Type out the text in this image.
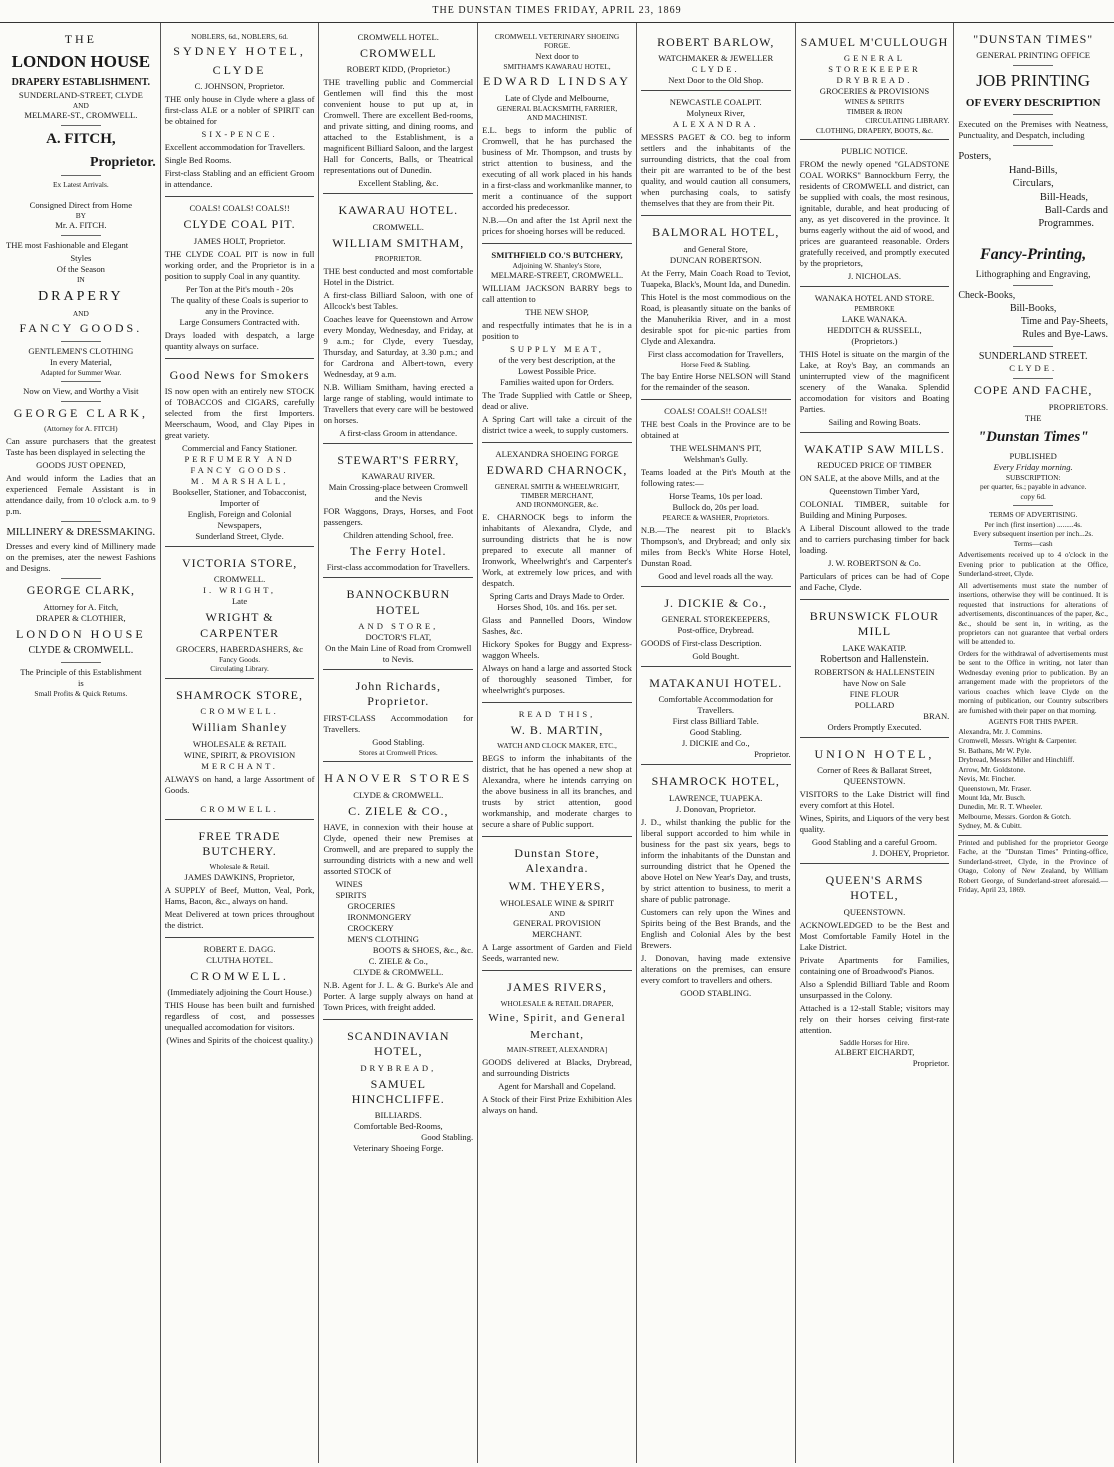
THE DUNSTAN TIMES FRIDAY, APRIL 23, 1869
THE
LONDON HOUSE
DRAPERY ESTABLISHMENT.
SUNDERLAND-STREET, CLYDE
AND
MELMARE-ST., CROMWELL.
A. FITCH,
Proprietor.
Ex Latest Arrivals.
Consigned Direct from Home
BY
Mr. A. FITCH.

THE most Fashionable and Elegant

Styles
Of the Season
IN
DRAPERY
AND
FANCY GOODS.
GENTLEMEN'S CLOTHING
In every Material,
Adapted for Summer Wear.
Now on View, and Worthy a Visit
GEORGE CLARK,
(Attorney for A. FITCH)

Can assure purchasers that the greatest Taste has been displayed in selecting the

GOODS JUST OPENED,

And would inform the Ladies that an experienced Female Assistant is in attendance daily, from 10 o'clock a.m. to 9 p.m.

MILLINERY & DRESSMAKING.

Dresses and every kind of Millinery made on the premises, ater the newest Fashions and Designs.

GEORGE CLARK,
Attorney for A. Fitch,
DRAPER & CLOTHIER,
LONDON HOUSE
CLYDE & CROMWELL.
The Principle of this Establishment
is
Small Profits & Quick Returns.
NOBLERS, 6d., NOBLERS, 6d.
SYDNEY HOTEL,
CLYDE
C. JOHNSON, Proprietor.

THE only house in Clyde where a glass of first-class ALE or a nobler of SPIRIT can be obtained for

SIX-PENCE.

Excellent accommodation for Travellers.

Single Bed Rooms.

First-class Stabling and an efficient Groom in attendance.

COALS! COALS! COALS!!
CLYDE COAL PIT.
JAMES HOLT, Proprietor.

THE CLYDE COAL PIT is now in full working order, and the Proprietor is in a position to supply Coal in any quantity.

Per Ton at the Pit's mouth - 20s
The quality of these Coals is superior to any in the Province.
Large Consumers Contracted with.

Drays loaded with despatch, a large quantity always on surface.

Good News for Smokers

IS now open with an entirely new STOCK of TOBACCOS and CIGARS, carefully selected from the first Importers. Meerschaum, Wood, and Clay Pipes in great variety.

Commercial and Fancy Stationer.
PERFUMERY AND FANCY GOODS.
M. MARSHALL,
Bookseller, Stationer, and Tobacconist,
Importer of
English, Foreign and Colonial
Newspapers,
Sunderland Street, Clyde.
VICTORIA STORE,
CROMWELL.
I. WRIGHT,
Late
WRIGHT & CARPENTER
GROCERS, HABERDASHERS, &c
Fancy Goods.
Circulating Library.
SHAMROCK STORE,
CROMWELL.
William Shanley
WHOLESALE & RETAIL
WINE, SPIRIT, & PROVISION
MERCHANT.

ALWAYS on hand, a large Assortment of Goods.

CROMWELL.
FREE TRADE BUTCHERY.
Wholesale & Retail.
JAMES DAWKINS, Proprietor,

A SUPPLY of Beef, Mutton, Veal, Pork, Hams, Bacon, &c., always on hand.

Meat Delivered at town prices throughout the district.

ROBERT E. DAGG.
CLUTHA HOTEL.
CROMWELL.
(Immediately adjoining the Court House.)

THIS House has been built and furnished regardless of cost, and possesses unequalled accomodation for visitors.

(Wines and Spirits of the choicest quality.)
CROMWELL HOTEL.
CROMWELL
ROBERT KIDD, (Proprietor.)

THE travelling public and Commercial Gentlemen will find this the most convenient house to put up at, in Cromwell. There are excellent Bed-rooms, and private sitting, and dining rooms, and attached to the Establishment, is a magnificent Billiard Saloon, and the largest Hall for Concerts, Balls, or Theatrical representations out of Dunedin.

Excellent Stabling, &c.
KAWARAU HOTEL.
CROMWELL.
WILLIAM SMITHAM,
PROPRIETOR.

THE best conducted and most comfortable Hotel in the District.

A first-class Billiard Saloon, with one of Allcock's best Tables.

Coaches leave for Queenstown and Arrow every Monday, Wednesday, and Friday, at 9 a.m.; for Clyde, every Tuesday, Thursday, and Saturday, at 3.30 p.m.; and for Cardrona and Albert-town, every Wednesday, at 9 a.m.

N.B. William Smitham, having erected a large range of stabling, would intimate to Travellers that every care will be bestowed on horses.

A first-class Groom in attendance.
STEWART'S FERRY,
KAWARAU RIVER.
Main Crossing-place between Cromwell and the Nevis

FOR Waggons, Drays, Horses, and Foot passengers.

Children attending School, free.
The Ferry Hotel.
First-class accommodation for Travellers.
BANNOCKBURN HOTEL
AND STORE,
DOCTOR'S FLAT,
On the Main Line of Road from Cromwell to Nevis.
John Richards, Proprietor.

FIRST-CLASS Accommodation for Travellers.

Good Stabling.
Stores at Cromwell Prices.
HANOVER STORES
CLYDE & CROMWELL.
C. ZIELE & CO.,

HAVE, in connexion with their house at Clyde, opened their new Premises at Cromwell, and are prepared to supply the surrounding districts with a new and well assorted STOCK of

WINES
SPIRITS
GROCERIES
IRONMONGERY
CROCKERY
MEN'S CLOTHING
BOOTS & SHOES, &c., &c.
C. ZIELE & Co.,
CLYDE & CROMWELL.

N.B. Agent for J. L. & G. Burke's Ale and Porter. A large supply always on hand at Town Prices, with freight added.

SCANDINAVIAN HOTEL,
DRYBREAD,
SAMUEL HINCHCLIFFE.
BILLIARDS.
Comfortable Bed-Rooms,
Good Stabling.
Veterinary Shoeing Forge.
CROMWELL VETERINARY SHOEING FORGE.
Next door to
SMITHAM'S KAWARAU HOTEL,
EDWARD LINDSAY
Late of Clyde and Melbourne,
GENERAL BLACKSMITH, FARRIER,
AND MACHINIST.

E.L. begs to inform the public of Cromwell, that he has purchased the business of Mr. Thompson, and trusts by strict attention to business, and the executing of all work placed in his hands in a first-class and workmanlike manner, to merit a continuance of the support accorded his predecessor.

N.B.—On and after the 1st April next the prices for shoeing horses will be reduced.

SMITHFIELD CO.'S BUTCHERY,
Adjoining W. Shanley's Store,
MELMARE-STREET, CROMWELL.

WILLIAM JACKSON BARRY begs to call attention to

THE NEW SHOP,

and respectfully intimates that he is in a position to

SUPPLY MEAT,
of the very best description, at the
Lowest Possible Price.
Families waited upon for Orders.

The Trade Supplied with Cattle or Sheep, dead or alive.

A Spring Cart will take a circuit of the district twice a week, to supply customers.

ALEXANDRA SHOEING FORGE
EDWARD CHARNOCK,
GENERAL SMITH & WHEELWRIGHT,
TIMBER MERCHANT,
AND IRONMONGER, &c.

E. CHARNOCK begs to inform the inhabitants of Alexandra, Clyde, and surrounding districts that he is now prepared to execute all manner of Ironwork, Wheelwright's and Carpenter's Work, at extremely low prices, and with despatch.

Spring Carts and Drays Made to Order.
Horses Shod, 10s. and 16s. per set.

Glass and Pannelled Doors, Window Sashes, &c.

Hickory Spokes for Buggy and Express-waggon Wheels.

Always on hand a large and assorted Stock of thoroughly seasoned Timber, for wheelwright's purposes.

READ THIS,
W. B. MARTIN,
WATCH AND CLOCK MAKER, ETC.,

BEGS to inform the inhabitants of the district, that he has opened a new shop at Alexandra, where he intends carrying on the above business in all its branches, and trusts by strict attention, good workmanship, and moderate charges to secure a share of Public support.

Dunstan Store, Alexandra.
WM. THEYERS,
WHOLESALE WINE & SPIRIT
AND
GENERAL PROVISION
MERCHANT.

A Large assortment of Garden and Field Seeds, warranted new.

JAMES RIVERS,
WHOLESALE & RETAIL DRAPER,
Wine, Spirit, and General
Merchant,
MAIN-STREET, ALEXANDRA]

GOODS delivered at Blacks, Drybread, and surrounding Districts

Agent for Marshall and Copeland.

A Stock of their First Prize Exhibition Ales always on hand.

ROBERT BARLOW,
WATCHMAKER & JEWELLER
CLYDE.
Next Door to the Old Shop.
NEWCASTLE COALPIT.
Molyneux River,
ALEXANDRA.

MESSRS PAGET & CO. beg to inform settlers and the inhabitants of the surrounding districts, that the coal from their pit are warranted to be of the best quality, and would caution all consumers, when purchasing coals, to satisfy themselves that they are from their Pit.

BALMORAL HOTEL,
and General Store,
DUNCAN ROBERTSON.

At the Ferry, Main Coach Road to Teviot, Tuapeka, Black's, Mount Ida, and Dunedin.

This Hotel is the most commodious on the Road, is pleasantly situate on the banks of the Manuherikia River, and in a most desirable spot for pic-nic parties from Clyde and Alexandra.

First class accomodation for Travellers,
Horse Feed & Stabling.

The bay Entire Horse NELSON will Stand for the remainder of the season.

COALS! COALS!! COALS!!

THE best Coals in the Province are to be obtained at

THE WELSHMAN'S PIT,
Welshman's Gully.

Teams loaded at the Pit's Mouth at the following rates:—

Horse Teams, 10s per load.
Bullock do, 20s per load.
PEARCE & WASHER, Proprietors.

N.B.—The nearest pit to Black's Thompson's, and Drybread; and only six miles from Beck's White Horse Hotel, Dunstan Road.

Good and level roads all the way.
J. DICKIE & Co.,
GENERAL STOREKEEPERS,
Post-office, Drybread.

GOODS of First-class Description.

Gold Bought.
MATAKANUI HOTEL.
Comfortable Accommodation for
Travellers.
First class Billiard Table.
Good Stabling.
J. DICKIE and Co.,
Proprietor.
SHAMROCK HOTEL,
LAWRENCE, TUAPEKA.
J. Donovan, Proprietor.

J. D., whilst thanking the public for the liberal support accorded to him while in business for the past six years, begs to inform the inhabitants of the Dunstan and surrounding district that he Opened the above Hotel on New Year's Day, and trusts, by strict attention to business, to merit a share of public patronage.

Customers can rely upon the Wines and Spirits being of the Best Brands, and the English and Colonial Ales by the best Brewers.

J. Donovan, having made extensive alterations on the premises, can ensure every comfort to travellers and others.

GOOD STABLING.
SAMUEL M'CULLOUGH
GENERAL STOREKEEPER
DRYBREAD.
GROCERIES & PROVISIONS
WINES & SPIRITS
TIMBER & IRON
CIRCULATING LIBRARY.
CLOTHING, DRAPERY, BOOTS, &c.
PUBLIC NOTICE.

FROM the newly opened "GLADSTONE COAL WORKS" Bannockburn Ferry, the residents of CROMWELL and district, can be supplied with coals, the most resinous, ignitable, durable, and heat producing of any, as yet discovered in the province. It burns eagerly without the aid of wood, and prices are guaranteed reasonable. Orders gratefully received, and promptly executed by the proprietors,

J. NICHOLAS.
WANAKA HOTEL AND STORE.
PEMBROKE
LAKE WANAKA.
HEDDITCH & RUSSELL,
(Proprietors.)

THIS Hotel is situate on the margin of the Lake, at Roy's Bay, an commands an uninterrupted view of the magnificent scenery of the Wanaka. Splendid accomodation for visitors and Boating Parties.

Sailing and Rowing Boats.
WAKATIP SAW MILLS.
REDUCED PRICE OF TIMBER

ON SALE, at the above Mills, and at the

Queenstown Timber Yard,

COLONIAL TIMBER, suitable for Building and Mining Purposes.

A Liberal Discount allowed to the trade and to carriers purchasing timber for back loading.

J. W. ROBERTSON & Co.

Particulars of prices can be had of Cope and Fache, Clyde.

BRUNSWICK FLOUR MILL
LAKE WAKATIP.
Robertson and Hallenstein.
ROBERTSON & HALLENSTEIN
have Now on Sale
FINE FLOUR
POLLARD
BRAN.
Orders Promptly Executed.
UNION HOTEL,
Corner of Rees & Ballarat Street,
QUEENSTOWN.

VISITORS to the Lake District will find every comfort at this Hotel.

Wines, Spirits, and Liquors of the very best quality.

Good Stabling and a careful Groom.
J. DOHEY, Proprietor.
QUEEN'S ARMS HOTEL,
QUEENSTOWN.

ACKNOWLEDGED to be the Best and Most Comfortable Family Hotel in the Lake District.

Private Apartments for Families, containing one of Broadwood's Pianos.

Also a Splendid Billiard Table and Room unsurpassed in the Colony.

Attached is a 12-stall Stable; visitors may rely on their horses ceiving first-rate attention.

Saddle Horses for Hire.
ALBERT EICHARDT,
Proprietor.
"DUNSTAN TIMES"
GENERAL PRINTING OFFICE
JOB PRINTING
OF EVERY DESCRIPTION

Executed on the Premises with Neatness, Punctuality, and Despatch, including

Posters,
Hand-Bills,
Circulars,
Bill-Heads,
Ball-Cards and
Programmes.
Fancy-Printing,
Lithographing and Engraving,
Check-Books,
Bill-Books,
Time and Pay-Sheets,
Rules and Bye-Laws.
SUNDERLAND STREET.
CLYDE.
COPE AND FACHE,
PROPRIETORS.
THE
"Dunstan Times"
PUBLISHED
Every Friday morning.
SUBSCRIPTION:
per quarter, 6s.; payable in advance.
copy 6d.
TERMS OF ADVERTISING.
Per inch (first insertion) .........4s.
Every subsequent insertion per inch...2s.
Terms—cash

Advertisements received up to 4 o'clock in the Evening prior to publication at the Office, Sunderland-street, Clyde.

All advertisements must state the number of insertions, otherwise they will be continued. It is requested that instructions for alterations of advertisements, discontinuances of the paper, &c., &c., should be sent in, in writing, as the proprietors can not guarantee that verbal orders will be attended to.

Orders for the withdrawal of advertisements must be sent to the Office in writing, not later than Wednesday evening prior to publication. By an arrangement made with the proprietors of the various coaches which leave Clyde on the morning of publication, our Country subscribers are furnished with their paper on that morning.

AGENTS FOR THIS PAPER.
Alexandra, Mr. J. Commins.
Cromwell, Messrs. Wright & Carpenter.
St. Bathans, Mr W. Pyle.
Drybread, Messrs Miller and Hinchliff.
Arrow, Mr. Goldstone.
Nevis, Mr. Fincher.
Queenstown, Mr. Fraser.
Mount Ida, Mr. Busch.
Dunedin, Mr. R. T. Wheeler.
Melbourne, Messrs. Gordon & Gotch.
Sydney, M. & Cubitt.

Printed and published for the proprietor George Fache, at the "Dunstan Times" Printing-office, Sunderland-street, Clyde, in the Province of Otago, Colony of New Zealand, by William Robert George, of Sunderland-street aforesaid.—Friday, April 23, 1869.
